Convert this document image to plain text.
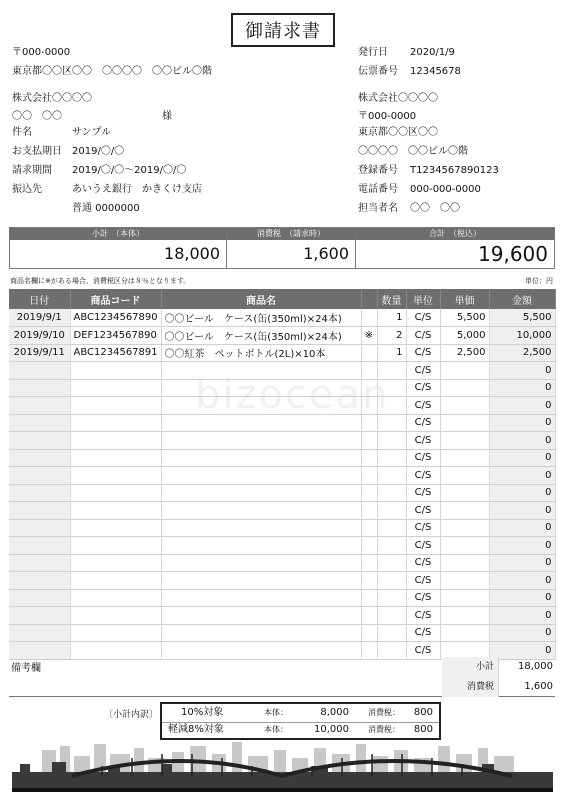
御請求書
bizocean
〒000-0000
東京都〇〇区〇〇　〇〇〇〇　〇〇ビル〇階
株式会社〇〇〇〇
〇〇　〇〇	様
件名	サンプル
お支払期日 2019/〇/〇
請求期間 2019/〇/〇～2019/〇/〇
振込先	あいうえ銀行　かきくけ支店
普通 0000000
発行日 2020/1/9
伝票番号 12345678
株式会社〇〇〇〇
〒000-0000
東京都〇〇区〇〇
〇〇〇〇　〇〇ビル〇階
登録番号 T1234567890123
電話番号 000-000-0000
担当者名 〇〇　〇〇
小計　（本体）
18,000
消費税　（請求時）
1,600
合計　（税込）
19,600
商品名欄に※がある場合、消費税区分は８％となります。	単位：円
日付	商品コード	商品名		数量	単位	単価	金額
2019/9/1	ABC1234567890	〇〇ビール　ケース(缶(350ml)×24本)		1	C/S	5,500	5,500
2019/9/10	DEF1234567890	〇〇ビール　ケース(缶(350ml)×24本)	※	2	C/S	5,000	10,000
2019/9/11	ABC1234567891	〇〇紅茶　ペットボトル(2L)×10本		1	C/S	2,500	2,500
					C/S		0
					C/S		0
					C/S		0
					C/S		0
					C/S		0
					C/S		0
					C/S		0
					C/S		0
					C/S		0
					C/S		0
					C/S		0
					C/S		0
					C/S		0
					C/S		0
					C/S		0
					C/S		0
					C/S		0
備考欄	小計	18,000
消費税	1,600
〔小計内訳〕 10%対象	本体：	8,000 消費税： 800
軽減8%対象	本体：	10,000 消費税： 800
